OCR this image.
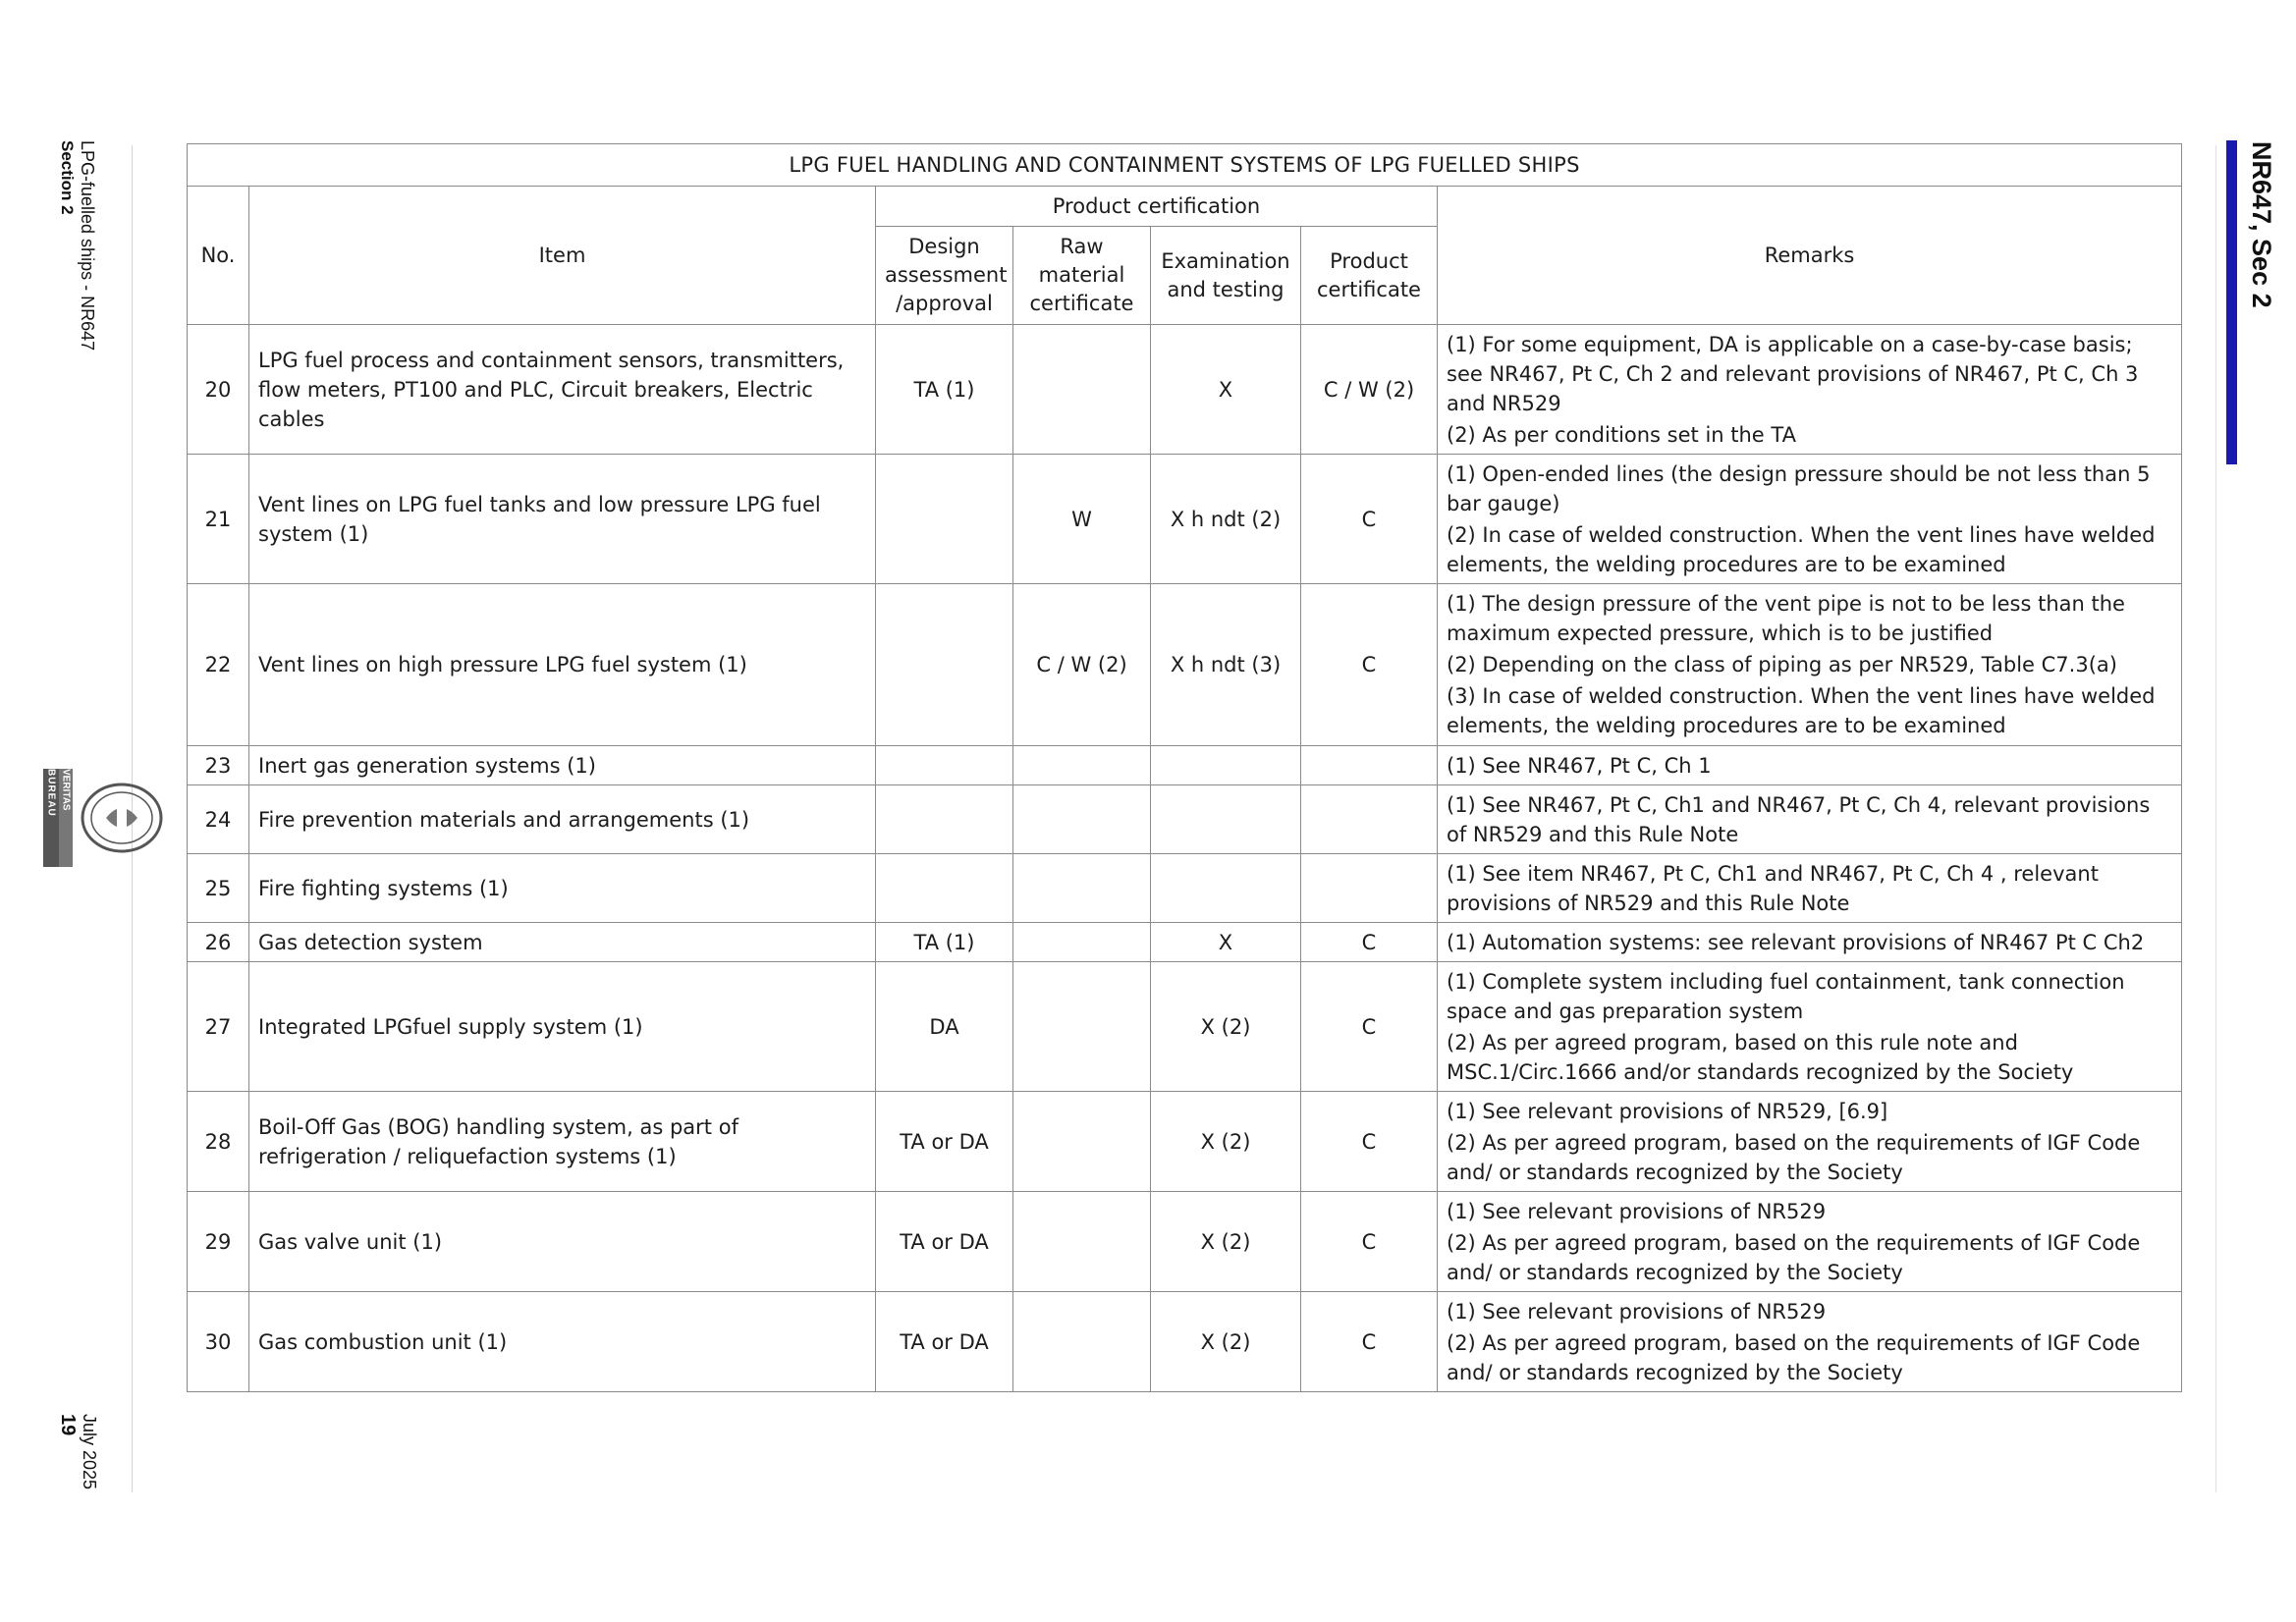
LPG-fuelled ships - NR647
Section 2
BUREAU VERITAS
July 2025
19
NR647, Sec 2
LPG FUEL HANDLING AND CONTAINMENT SYSTEMS OF LPG FUELLED SHIPS						
No.	Item	Product certification				Remarks
		Design assessment /approval	Raw material certificate	Examination and testing	Product certificate	
20	LPG fuel process and containment sensors, transmitters, flow meters, PT100 and PLC, Circuit breakers, Electric cables	TA (1)		X	C / W (2)	(1) For some equipment, DA is applicable on a case-by-case basis; see NR467, Pt C, Ch 2 and relevant provisions of NR467, Pt C, Ch 3 and NR529
(2) As per conditions set in the TA

21	Vent lines on LPG fuel tanks and low pressure LPG fuel system (1)		W	X h ndt (2)	C	(1) Open-ended lines (the design pressure should be not less than 5 bar gauge)
(2) In case of welded construction. When the vent lines have welded elements, the welding procedures are to be examined

22	Vent lines on high pressure LPG fuel system (1)		C / W (2)	X h ndt (3)	C	(1) The design pressure of the vent pipe is not to be less than the maximum expected pressure, which is to be justified
(2) Depending on the class of piping as per NR529, Table C7.3(a)
(3) In case of welded construction. When the vent lines have welded elements, the welding procedures are to be examined

23	Inert gas generation systems (1)					(1) See NR467, Pt C, Ch 1

24	Fire prevention materials and arrangements (1)					(1) See NR467, Pt C, Ch1 and NR467, Pt C, Ch 4, relevant provisions of NR529 and this Rule Note

25	Fire fighting systems (1)					(1) See item NR467, Pt C, Ch1 and NR467, Pt C, Ch 4 , relevant provisions of NR529 and this Rule Note

26	Gas detection system	TA (1)		X	C	(1) Automation systems: see relevant provisions of NR467 Pt C Ch2

27	Integrated LPGfuel supply system (1)	DA		X (2)	C	(1) Complete system including fuel containment, tank connection space and gas preparation system
(2) As per agreed program, based on this rule note and MSC.1/Circ.1666 and/or standards recognized by the Society

28	Boil-Off Gas (BOG) handling system, as part of refrigeration / reliquefaction systems (1)	TA or DA		X (2)	C	(1) See relevant provisions of NR529, [6.9]
(2) As per agreed program, based on the requirements of IGF Code and/ or standards recognized by the Society

29	Gas valve unit (1)	TA or DA		X (2)	C	(1) See relevant provisions of NR529
(2) As per agreed program, based on the requirements of IGF Code and/ or standards recognized by the Society

30	Gas combustion unit (1)	TA or DA		X (2)	C	(1) See relevant provisions of NR529
(2) As per agreed program, based on the requirements of IGF Code and/ or standards recognized by the Society
